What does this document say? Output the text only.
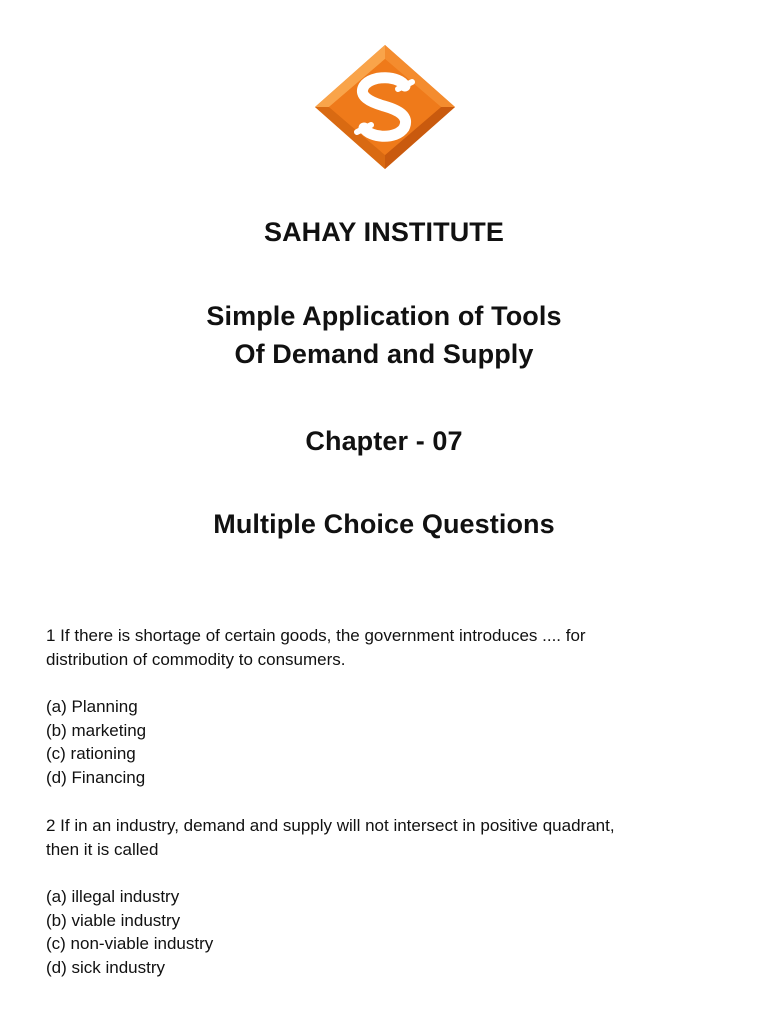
SAHAY INSTITUTE
Simple Application of Tools
Of Demand and Supply
Chapter - 07
Multiple Choice Questions
1 If there is shortage of certain goods, the government introduces .... for
distribution of commodity to consumers.
(a) Planning
(b) marketing
(c) rationing
(d) Financing
2 If in an industry, demand and supply will not intersect in positive quadrant,
then it is called
(a) illegal industry
(b) viable industry
(c) non-viable industry
(d) sick industry
